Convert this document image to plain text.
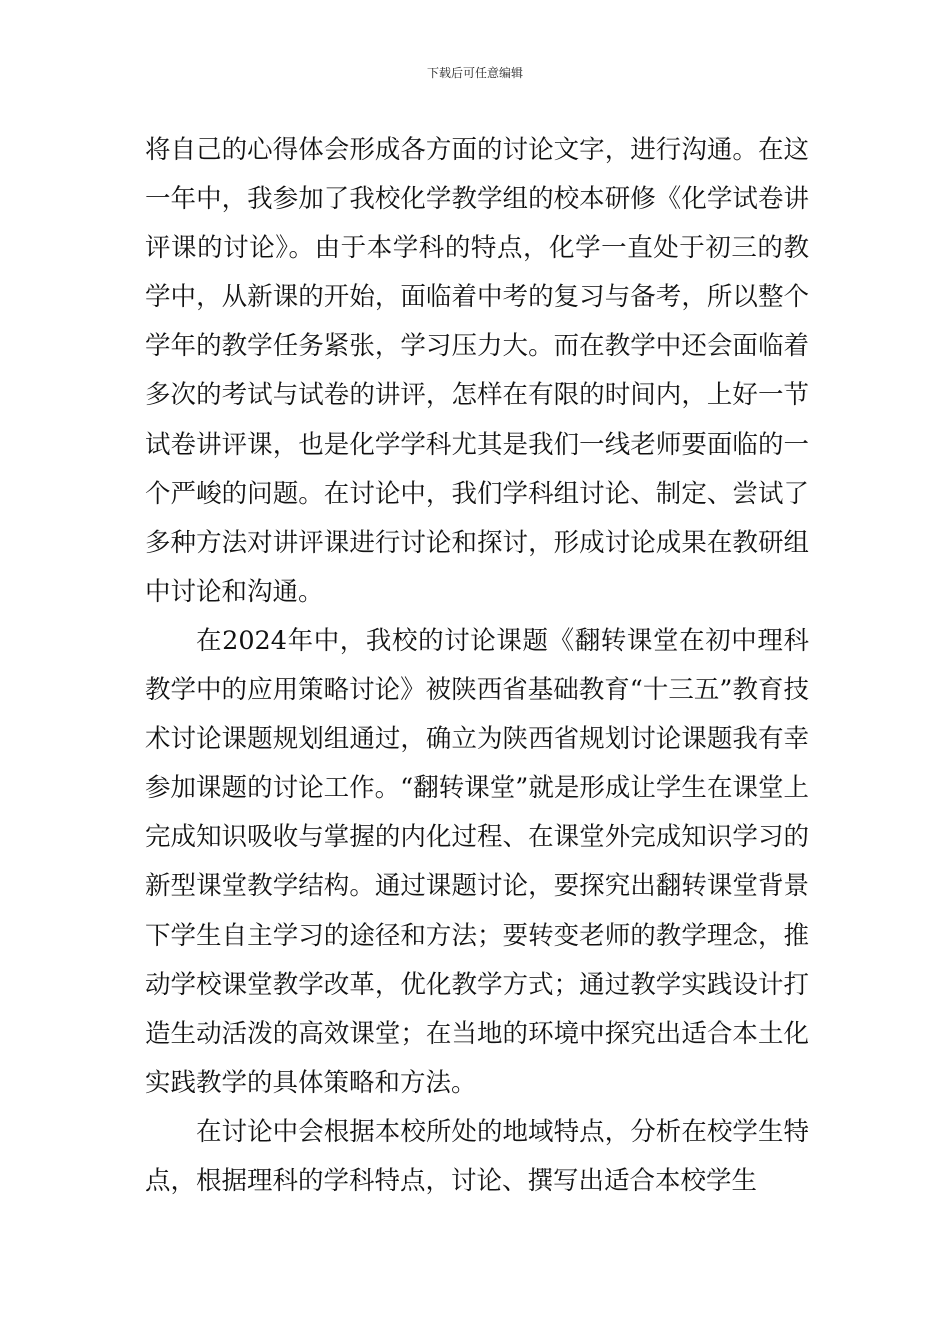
下载后可任意编辑

将自己的心得体会形成各方面的讨论文字，进行沟通。在这一年中，我参加了我校化学教学组的校本研修《化学试卷讲评课的讨论》。由于本学科的特点，化学一直处于初三的教学中，从新课的开始，面临着中考的复习与备考，所以整个学年的教学任务紧张，学习压力大。而在教学中还会面临着多次的考试与试卷的讲评，怎样在有限的时间内，上好一节试卷讲评课，也是化学学科尤其是我们一线老师要面临的一个严峻的问题。在讨论中，我们学科组讨论、制定、尝试了多种方法对讲评课进行讨论和探讨，形成讨论成果在教研组中讨论和沟通。

在2024年中，我校的讨论课题《翻转课堂在初中理科教学中的应用策略讨论》被陕西省基础教育“十三五”教育技术讨论课题规划组通过，确立为陕西省规划讨论课题我有幸参加课题的讨论工作。“翻转课堂”就是形成让学生在课堂上完成知识吸收与掌握的内化过程、在课堂外完成知识学习的新型课堂教学结构。通过课题讨论，要探究出翻转课堂背景下学生自主学习的途径和方法；要转变老师的教学理念，推动学校课堂教学改革，优化教学方式；通过教学实践设计打造生动活泼的高效课堂；在当地的环境中探究出适合本土化实践教学的具体策略和方法。

在讨论中会根据本校所处的地域特点，分析在校学生特点，根据理科的学科特点，讨论、撰写出适合本校学生
